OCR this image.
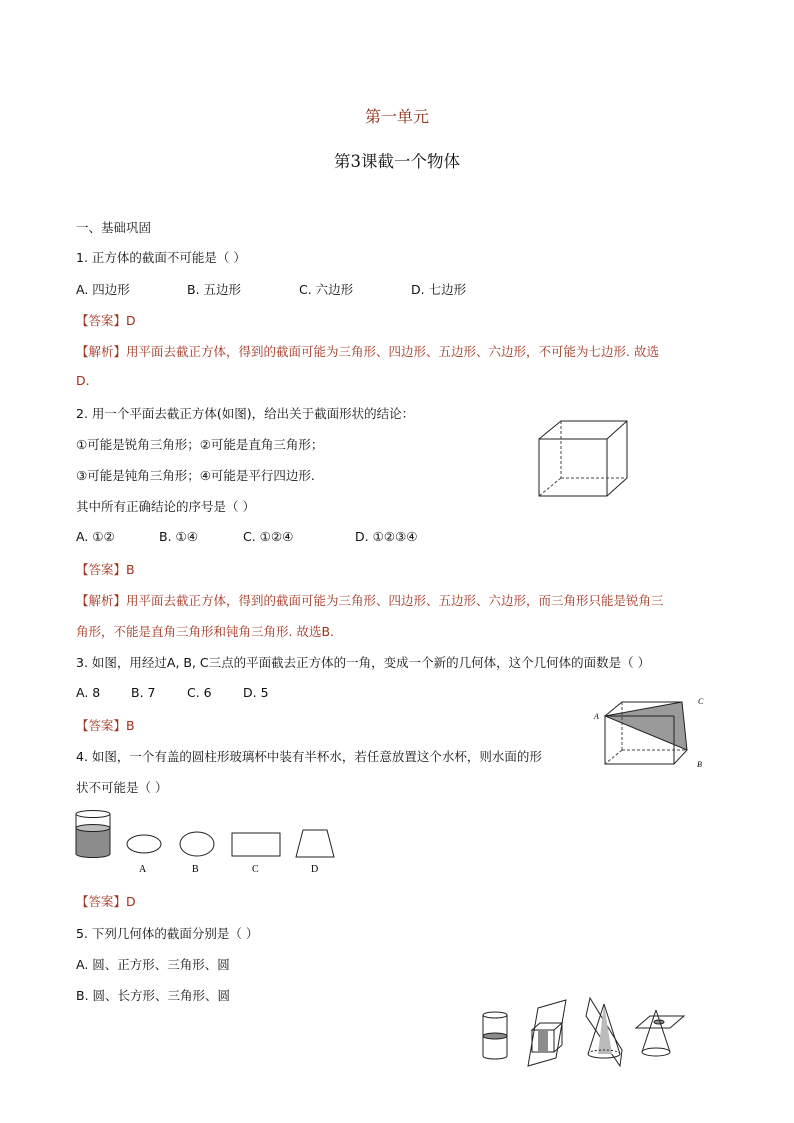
第一单元
第3课截一个物体
一、基础巩固
1. 正方体的截面不可能是（ ）
A. 四边形	B. 五边形	C. 六边形	D. 七边形
【答案】D
【解析】用平面去截正方体，得到的截面可能为三角形、四边形、五边形、六边形，不可能为七边形. 故选
D.
2. 用一个平面去截正方体(如图)，给出关于截面形状的结论：
①可能是锐角三角形；②可能是直角三角形；
③可能是钝角三角形；④可能是平行四边形.
其中所有正确结论的序号是（ ）
A. ①②	B. ①④	C. ①②④	D. ①②③④
【答案】B
【解析】用平面去截正方体，得到的截面可能为三角形、四边形、五边形、六边形，而三角形只能是锐角三
角形，不能是直角三角形和钝角三角形. 故选B.
3. 如图，用经过A, B, C三点的平面截去正方体的一角，变成一个新的几何体，这个几何体的面数是（ ）
A. 8 B. 7	C. 6	D. 5
【答案】B
A
C
B
4. 如图，一个有盖的圆柱形玻璃杯中装有半杯水，若任意放置这个水杯，则水面的形
状不可能是（ ）
A	B	C	D
【答案】D
5. 下列几何体的截面分别是（ ）
A. 圆、正方形、三角形、圆
B. 圆、长方形、三角形、圆
